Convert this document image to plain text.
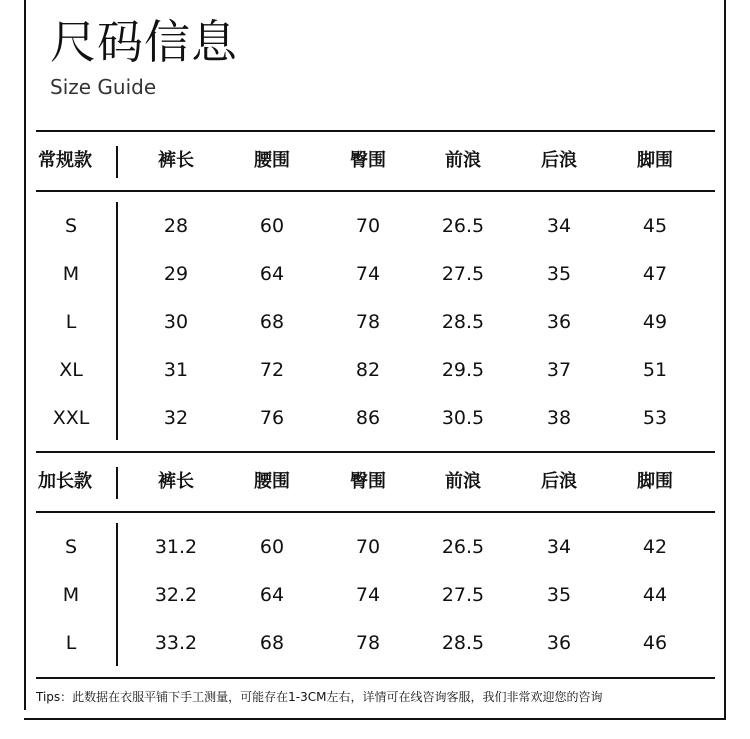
尺码信息
Size Guide
常规款	裤长	腰围	臀围	前浪	后浪	脚围
S	28	60	70	26.5	34	45
M	29	64	74	27.5	35	47
L	30	68	78	28.5	36	49
XL	31	72	82	29.5	37	51
XXL	32	76	86	30.5	38	53
加长款	裤长	腰围	臀围	前浪	后浪	脚围
S	31.2	60	70	26.5	34	42
M	32.2	64	74	27.5	35	44
L	33.2	68	78	28.5	36	46
Tips：此数据在衣服平铺下手工测量，可能存在1-3CM左右，详情可在线咨询客服，我们非常欢迎您的咨询
